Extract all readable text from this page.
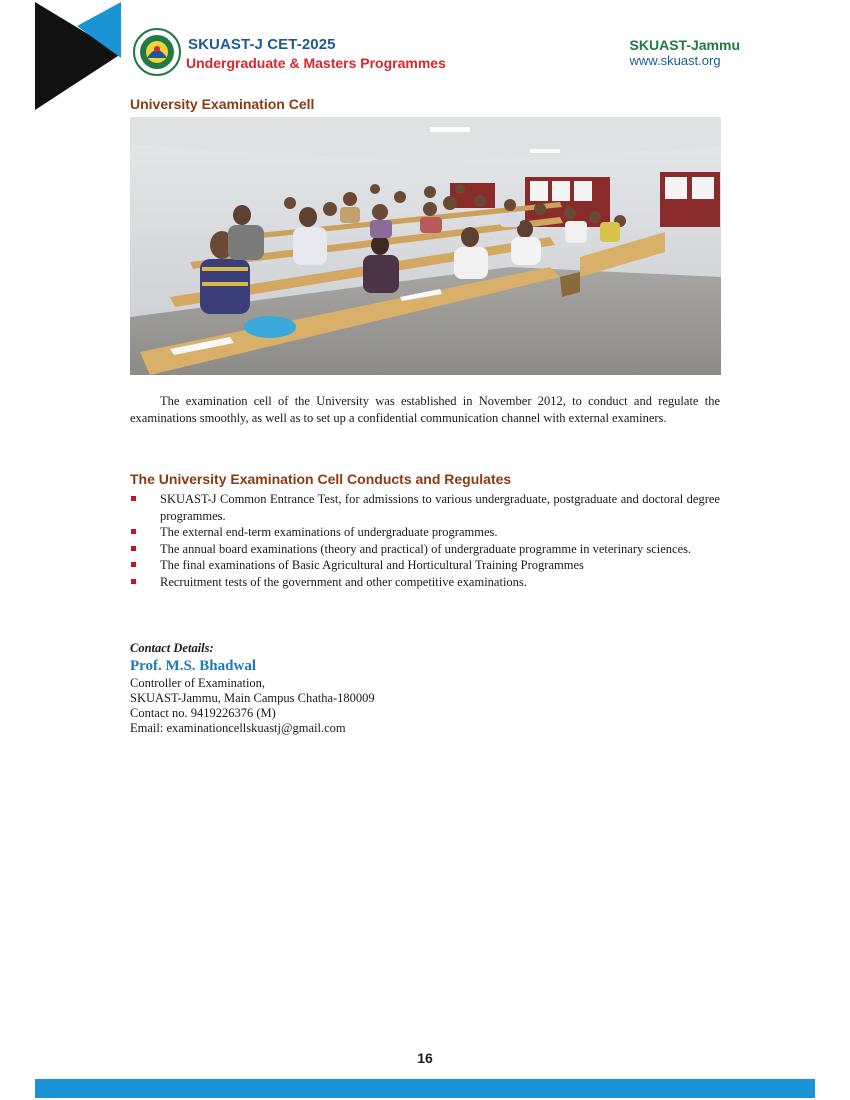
SKUAST-J CET-2025
Undergraduate & Masters Programmes
SKUAST-Jammu
www.skuast.org
University Examination Cell
The examination cell of the University was established in November 2012, to conduct and regulate the examinations smoothly, as well as to set up a confidential communication channel with external examiners.
The University Examination Cell Conducts and Regulates
SKUAST-J Common Entrance Test, for admissions to various undergraduate, postgraduate and doctoral degree programmes.
The external end-term examinations of undergraduate programmes.
The annual board examinations (theory and practical) of undergraduate programme in veterinary sciences.
The final examinations of Basic Agricultural and Horticultural Training Programmes
Recruitment tests of the government and other competitive examinations.
Contact Details:
Prof. M.S. Bhadwal
Controller of Examination,
SKUAST-Jammu, Main Campus Chatha-180009
Contact no. 9419226376 (M)
Email: examinationcellskuastj@gmail.com
16
